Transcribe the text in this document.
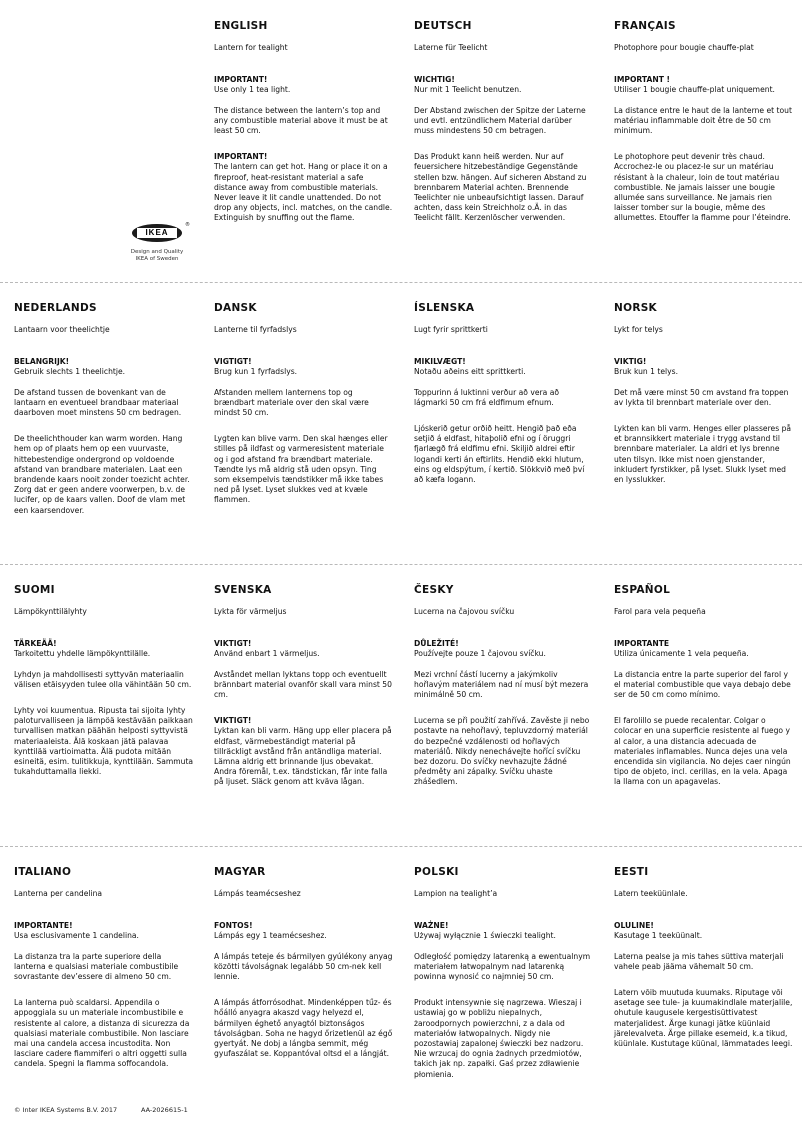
IKEA
®
Design and Quality
IKEA of Sweden
ENGLISH
Lantern for tealight
IMPORTANT!
Use only 1 tea light.
The distance between the lantern’s top and any combustible material above it must be at least 50 cm.
IMPORTANT!
The lantern can get hot. Hang or place it on a fireproof, heat-resistant material a safe distance away from combustible materials. Never leave it lit candle unattended. Do not drop any objects, incl. matches, on the candle. Extinguish by snuffing out the flame.
DEUTSCH
Laterne für Teelicht
WICHTIG!
Nur mit 1 Teelicht benutzen.
Der Abstand zwischen der Spitze der Laterne und evtl. entzündlichem Material darüber muss mindestens 50 cm betragen.
Das Produkt kann heiß werden. Nur auf feuersichere hitzebeständige Gegenstände stellen bzw. hängen. Auf sicheren Abstand zu brennbarem Material achten. Brennende Teelichter nie unbeaufsichtigt lassen. Darauf achten, dass kein Streichholz o.Ä. in das Teelicht fällt. Kerzenlöscher verwenden.
FRANÇAIS
Photophore pour bougie chauffe-plat
IMPORTANT !
Utiliser 1 bougie chauffe-plat uniquement.
La distance entre le haut de la lanterne et tout matériau inflammable doit être de 50 cm minimum.
Le photophore peut devenir très chaud. Accrochez-le ou placez-le sur un matériau résistant à la chaleur, loin de tout matériau combustible. Ne jamais laisser une bougie allumée sans surveillance. Ne jamais rien laisser tomber sur la bougie, même des allumettes. Etouffer la flamme pour l’éteindre.
NEDERLANDS
Lantaarn voor theelichtje
BELANGRIJK!
Gebruik slechts 1 theelichtje.
De afstand tussen de bovenkant van de lantaarn en eventueel brandbaar materiaal daarboven moet minstens 50 cm bedragen.
De theelichthouder kan warm worden. Hang hem op of plaats hem op een vuurvaste, hittebestendige ondergrond op voldoende afstand van brandbare materialen. Laat een brandende kaars nooit zonder toezicht achter. Zorg dat er geen andere voorwerpen, b.v. de lucifer, op de kaars vallen. Doof de vlam met een kaarsendover.
DANSK
Lanterne til fyrfadslys
VIGTIGT!
Brug kun 1 fyrfadslys.
Afstanden mellem lanternens top og brændbart materiale over den skal være mindst 50 cm.
Lygten kan blive varm. Den skal hænges eller stilles på ildfast og varmeresistent materiale og i god afstand fra brændbart materiale. Tændte lys må aldrig stå uden opsyn. Ting som eksempelvis tændstikker må ikke tabes ned på lyset. Lyset slukkes ved at kvæle flammen.
ÍSLENSKA
Lugt fyrir sprittkerti
MIKILVÆGT!
Notaðu aðeins eitt sprittkerti.
Toppurinn á luktinni verður að vera að lágmarki 50 cm frá eldfimum efnum.
Ljóskerið getur orðið heitt. Hengið það eða setjið á eldfast, hitaþolið efni og í öruggri fjarlægð frá eldfimu efni. Skiljið aldrei eftir logandi kerti án eftirlits. Hendið ekki hlutum, eins og eldspýtum, í kertið. Slökkvið með því að kæfa logann.
NORSK
Lykt for telys
VIKTIG!
Bruk kun 1 telys.
Det må være minst 50 cm avstand fra toppen av lykta til brennbart materiale over den.
Lykten kan bli varm. Henges eller plasseres på et brannsikkert materiale i trygg avstand til brennbare materialer. La aldri et lys brenne uten tilsyn. Ikke mist noen gjenstander, inkludert fyrstikker, på lyset. Slukk lyset med en lysslukker.
SUOMI
Lämpökynttilälyhty
TÄRKEÄÄ!
Tarkoitettu yhdelle lämpökynttilälle.
Lyhdyn ja mahdollisesti syttyvän materiaalin välisen etäisyyden tulee olla vähintään 50 cm.
Lyhty voi kuumentua. Ripusta tai sijoita lyhty paloturvalliseen ja lämpöä kestävään paikkaan turvallisen matkan päähän helposti syttyvistä materiaaleista. Älä koskaan jätä palavaa kynttilää vartioimatta. Älä pudota mitään esineitä, esim. tulitikkuja, kynttilään. Sammuta tukahduttamalla liekki.
SVENSKA
Lykta för värmeljus
VIKTIGT!
Använd enbart 1 värmeljus.
Avståndet mellan lyktans topp och eventuellt brännbart material ovanför skall vara minst 50 cm.
VIKTIGT!
Lyktan kan bli varm. Häng upp eller placera på eldfast, värmebeständigt material på tillräckligt avstånd från antändliga material. Lämna aldrig ett brinnande ljus obevakat. Andra föremål, t.ex. tändstickan, får inte falla på ljuset. Släck genom att kväva lågan.
ČESKY
Lucerna na čajovou svíčku
DŮLEŽITÉ!
Používejte pouze 1 čajovou svíčku.
Mezi vrchní částí lucerny a jakýmkoliv hořlavým materiálem nad ní musí být mezera minimálně 50 cm.
Lucerna se při použití zahřívá. Zavěste ji nebo postavte na nehořlavý, tepluvzdorný materiál do bezpečné vzdálenosti od hořlavých materiálů. Nikdy nenechávejte hořící svíčku bez dozoru. Do svíčky nevhazujte žádné předměty ani zápalky. Svíčku uhaste zhášedlem.
ESPAÑOL
Farol para vela pequeña
IMPORTANTE
Utiliza únicamente 1 vela pequeña.
La distancia entre la parte superior del farol y el material combustible que vaya debajo debe ser de 50 cm como mínimo.
El farolillo se puede recalentar. Colgar o colocar en una superficie resistente al fuego y al calor, a una distancia adecuada de materiales inflamables. Nunca dejes una vela encendida sin vigilancia. No dejes caer ningún tipo de objeto, incl. cerillas, en la vela. Apaga la llama con un apagavelas.
ITALIANO
Lanterna per candelina
IMPORTANTE!
Usa esclusivamente 1 candelina.
La distanza tra la parte superiore della lanterna e qualsiasi materiale combustibile sovrastante dev’essere di almeno 50 cm.
La lanterna può scaldarsi. Appendila o appoggiala su un materiale incombustibile e resistente al calore, a distanza di sicurezza da qualsiasi materiale combustibile. Non lasciare mai una candela accesa incustodita. Non lasciare cadere fiammiferi o altri oggetti sulla candela. Spegni la fiamma soffocandola.
MAGYAR
Lámpás teamécseshez
FONTOS!
Lámpás egy 1 teamécseshez.
A lámpás teteje és bármilyen gyúlékony anyag közötti távolságnak legalább 50 cm-nek kell lennie.
A lámpás átforrósodhat. Mindenképpen tűz- és hőálló anyagra akaszd vagy helyezd el, bármilyen éghető anyagtól biztonságos távolságban. Soha ne hagyd őrizetlenül az égő gyertyát. Ne dobj a lángba semmit, még gyufaszálat se. Koppantóval oltsd el a lángját.
POLSKI
Lampion na tealight’a
WAŻNE!
Używaj wyłącznie 1 świeczki tealight.
Odległość pomiędzy latarenką a ewentualnym materiałem łatwopalnym nad latarenką powinna wynosić co najmniej 50 cm.
Produkt intensywnie się nagrzewa. Wieszaj i ustawiaj go w pobliżu niepalnych, żaroodpornych powierzchni, z a dala od materiałów łatwopalnych. Nigdy nie pozostawiaj zapalonej świeczki bez nadzoru. Nie wrzucaj do ognia żadnych przedmiotów, takich jak np. zapałki. Gaś przez zdławienie płomienia.
EESTI
Latern teeküünlale.
OLULINE!
Kasutage 1 teeküünalt.
Laterna pealse ja mis tahes süttiva materjali vahele peab jääma vähemalt 50 cm.
Latern võib muutuda kuumaks. Riputage või asetage see tule- ja kuumakindlale materjalile, ohutule kaugusele kergestisüttivatest materjalidest. Ärge kunagi jätke küünlaid järelevalveta. Ärge pillake esemeid, k.a tikud, küünlale. Kustutage küünal, lämmatades leegi.
© Inter IKEA Systems B.V. 2017	AA-2026615-1
